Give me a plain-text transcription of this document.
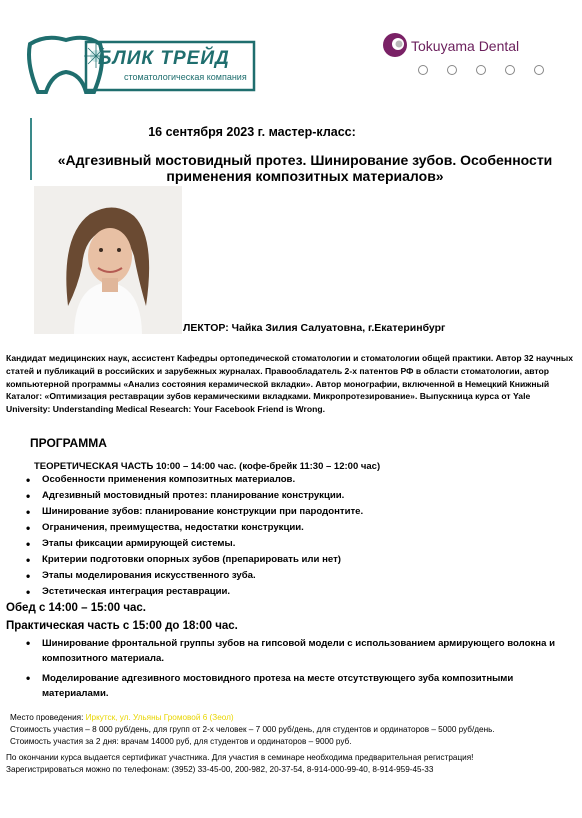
БЛИК ТРЕЙД
стоматологическая компания
Tokuyama Dental
16 сентября 2023 г. мастер-класс:
«Адгезивный мостовидный протез. Шинирование зубов. Особенности применения композитных материалов»
ЛЕКТОР: Чайка Зилия Салуатовна, г.Екатеринбург
Кандидат медицинских наук, ассистент Кафедры ортопедической стоматологии и стоматологии общей практики. Автор 32 научных статей и публикаций в российских и зарубежных журналах. Правообладатель 2-х патентов РФ в области стоматологии, автор компьютерной программы «Анализ состояния керамической вкладки». Автор монографии, включенной в Немецкий Книжный Каталог: «Оптимизация реставрации зубов керамическими вкладками. Микропротезирование». Выпускница курса от Yale University: Understanding Medical Research: Your Facebook Friend is Wrong.
ПРОГРАММА
ТЕОРЕТИЧЕСКАЯ ЧАСТЬ 10:00 – 14:00 час. (кофе-брейк 11:30 – 12:00 час)
• Особенности применения композитных материалов.
• Адгезивный мостовидный протез: планирование конструкции.
• Шинирование зубов: планирование конструкции при пародонтите.
• Ограничения, преимущества, недостатки конструкции.
• Этапы фиксации армирующей системы.
• Критерии подготовки опорных зубов (препарировать или нет)
• Этапы моделирования искусственного зуба.
• Эстетическая интеграция реставрации.
Обед с 14:00 – 15:00 час.
Практическая часть с 15:00 до 18:00 час.
• Шинирование фронтальной группы зубов на гипсовой модели с использованием армирующего волокна и композитного материала.
• Моделирование адгезивного мостовидного протеза на месте отсутствующего зуба композитными материалами.
Место проведения: Иркутск, ул. Ульяны Громовой 6 (Зеол)
Стоимость участия – 8 000 руб/день, для групп от 2-х человек – 7 000 руб/день, для студентов и ординаторов – 5000 руб/день.
Стоимость участия за 2 дня: врачам 14000 руб, для студентов и ординаторов – 9000 руб.
По окончании курса выдается сертификат участника. Для участия в семинаре необходима предварительная регистрация!
Зарегистрироваться можно по телефонам: (3952) 33-45-00, 200-982, 20-37-54, 8-914-000-99-40, 8-914-959-45-33
